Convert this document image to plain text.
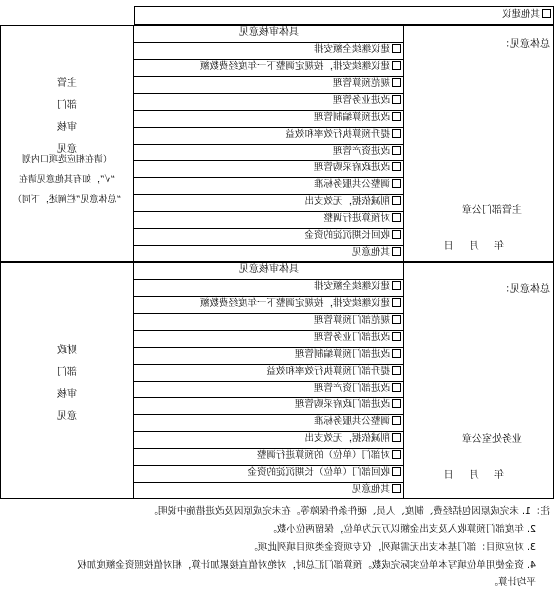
其他建议
具体审核意见
建议继续全额安排
建议继续安排，按规定调整下一年度经费数额
规范预算管理
改进业务管理
改进预算编制管理
提升预算执行效率和效益
改进资产管理
改进政府采购管理
调整公共服务标准
削减依据，无效支出
对预算进行调整
收回长期沉淀的资金
其他意见
主管
部门
审核
意见
（请在相应选项口内划
“√”，如有其他意见请在
“总体意见”栏阐述，下同）
总体意见：
主管部门公章
年 月 日
具体审核意见
建议继续全额安排
建议继续安排，按规定调整下一年度经费数额
规范部门预算管理
改进部门业务管理
改进部门预算编制管理
提升部门预算执行效率和效益
改进部门资产管理
改进部门政府采购管理
调整公共服务标准
削减依据，无效支出
对部门（单位）的预算进行调整
收回部门（单位）长期沉淀的资金
其他意见
财政
部门
审核
意见
总体意见：
业务处室公章
年 月 日
注：1. 未完成原因包括经费、制度、人员、硬件条件保障等。在未完成原因及改进措施中说明。
2. 年度部门预算收入及支出金额以万元为单位，保留两位小数。
3. 对应项目：部门基本支出无需填列，仅专项资金类项目填列此项。
4. 资金使用单位填写本单位实际完成数。预算部门汇总时，对绝对值直接累加计算，相对值按照资金额度加权
平均计算。
